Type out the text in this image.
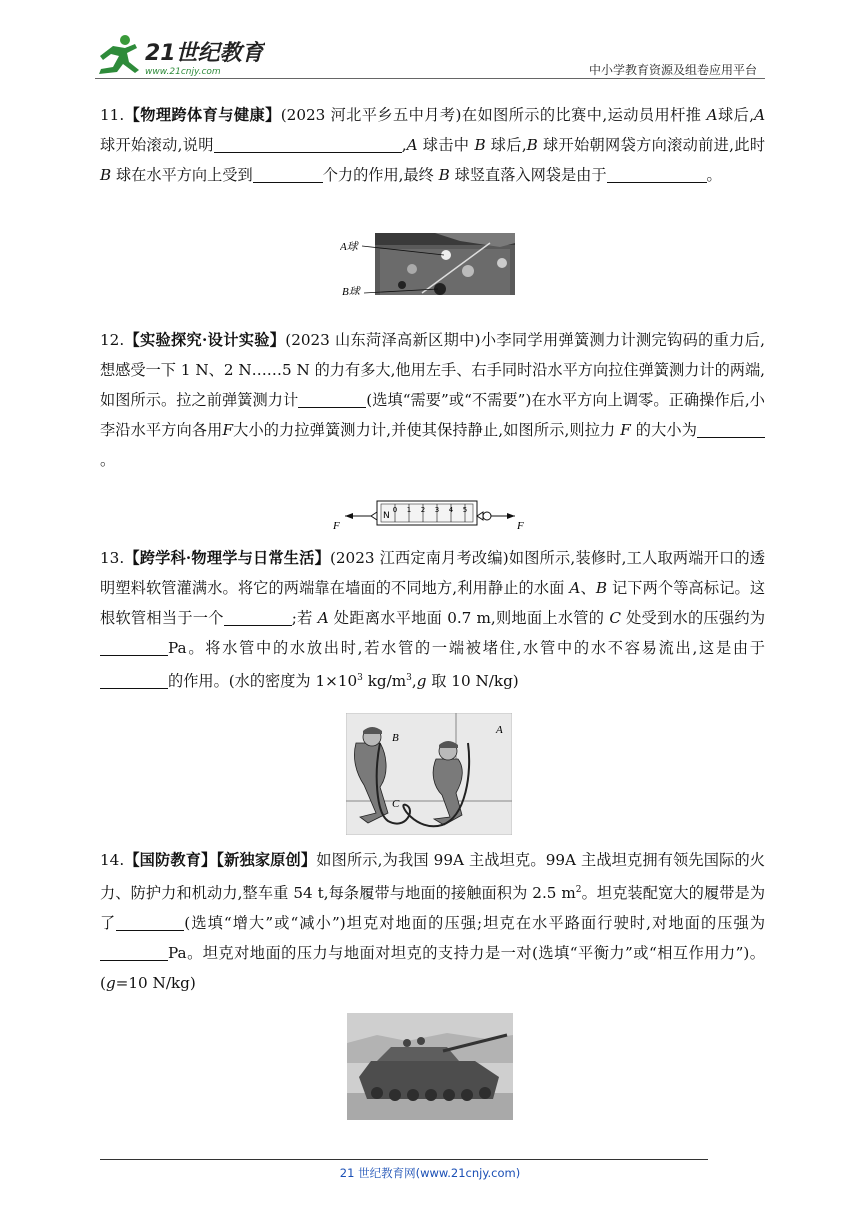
21世纪教育
www.21cnjy.com	中小学教育资源及组卷应用平台

11.【物理跨体育与健康】(2023 河北平乡五中月考)在如图所示的比赛中,运动员用杆推 A球后,A 球开始滚动,说明	,A 球击中 B 球后,B 球开始朝网袋方向滚动前进,此时 B 球在水平方向上受到	个力的作用,最终 B 球竖直落入网袋是由于	。

A球
B球

12.【实验探究·设计实验】(2023 山东菏泽高新区期中)小李同学用弹簧测力计测完钩码的重力后,想感受一下 1 N、2 N……5 N 的力有多大,他用左手、右手同时沿水平方向拉住弹簧测力计的两端,如图所示。拉之前弹簧测力计	(选填“需要”或“不需要”)在水平方向上调零。正确操作后,小李沿水平方向各用F大小的力拉弹簧测力计,并使其保持静止,如图所示,则拉力 F 的大小为。

N
0 1 2 3 4 5
F	F

13.【跨学科·物理学与日常生活】(2023 江西定南月考改编)如图所示,装修时,工人取两端开口的透明塑料软管灌满水。将它的两端靠在墙面的不同地方,利用静止的水面 A、B 记下两个等高标记。这根软管相当于一个	;若 A 处距离水平地面 0.7 m,则地面上水管的 C 处受到水的压强约为Pa。将水管中的水放出时,若水管的一端被堵住,水管中的水不容易流出,这是由于的作用。(水的密度为 $1\times 10^3$ $kg/m^3,g$ 取 10 N/kg)

B
A
C

14.【国防教育】【新独家原创】如图所示,为我国 99A 主战坦克。99A 主战坦克拥有领先国际的火力、防护力和机动力,整车重 54 t,每条履带与地面的接触面积为 2.5 $m^2$。坦克装配宽大的履带是为了	(选填“增大”或“减小”)坦克对地面的压强;坦克在水平路面行驶时,对地面的压强为Pa。坦克对地面的压力与地面对坦克的支持力是一对(选填“平衡力”或“相互作用力”)。(g=10 N/kg)

21 世纪教育网(www.21cnjy.com)
